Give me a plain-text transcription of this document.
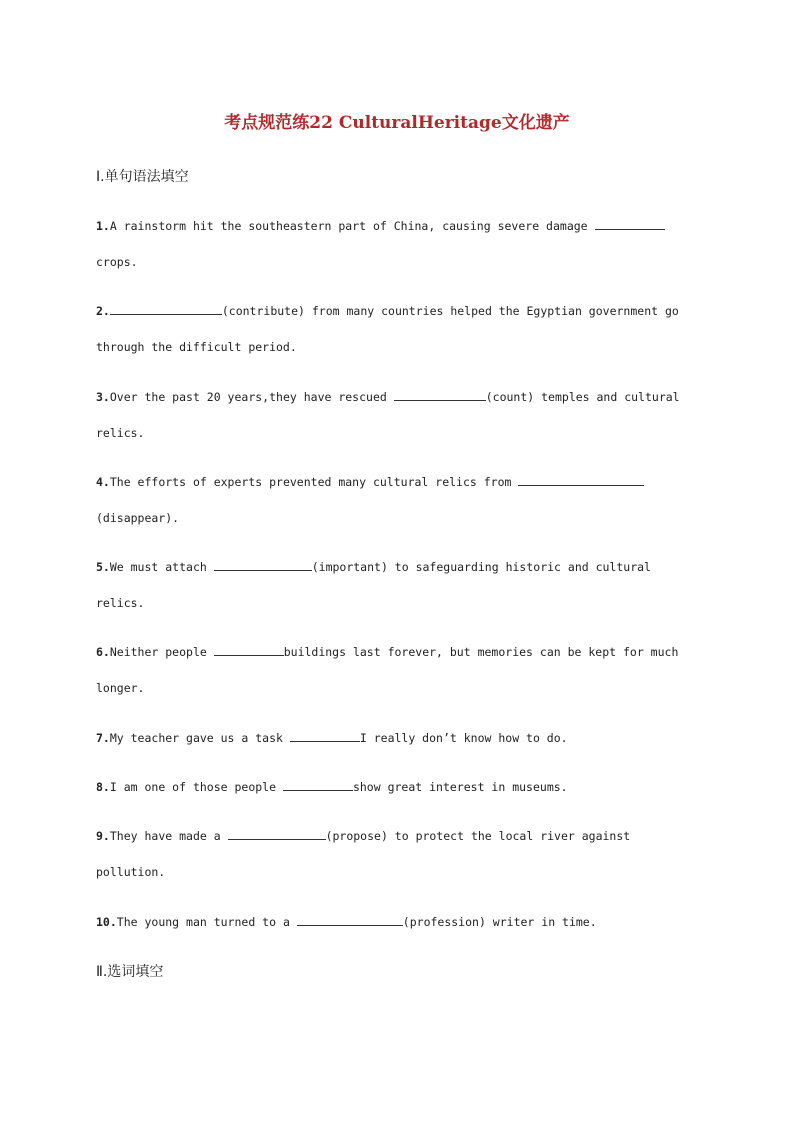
考点规范练22 CulturalHeritage文化遗产
Ⅰ.单句语法填空
1.A rainstorm hit the southeastern part of China, causing severe damage
crops.
2.	(contribute) from many countries helped the Egyptian government go
through the difficult period.
3.Over the past 20 years,they have rescued	(count) temples and cultural
relics.
4.The efforts of experts prevented many cultural relics from
(disappear).
5.We must attach	(important) to safeguarding historic and cultural
relics.
6.Neither people	buildings last forever, but memories can be kept for much
longer.
7.My teacher gave us a task	I really don’t know how to do.
8.I am one of those people	show great interest in museums.
9.They have made a	(propose) to protect the local river against
pollution.
10.The young man turned to a	(profession) writer in time.
Ⅱ.选词填空
